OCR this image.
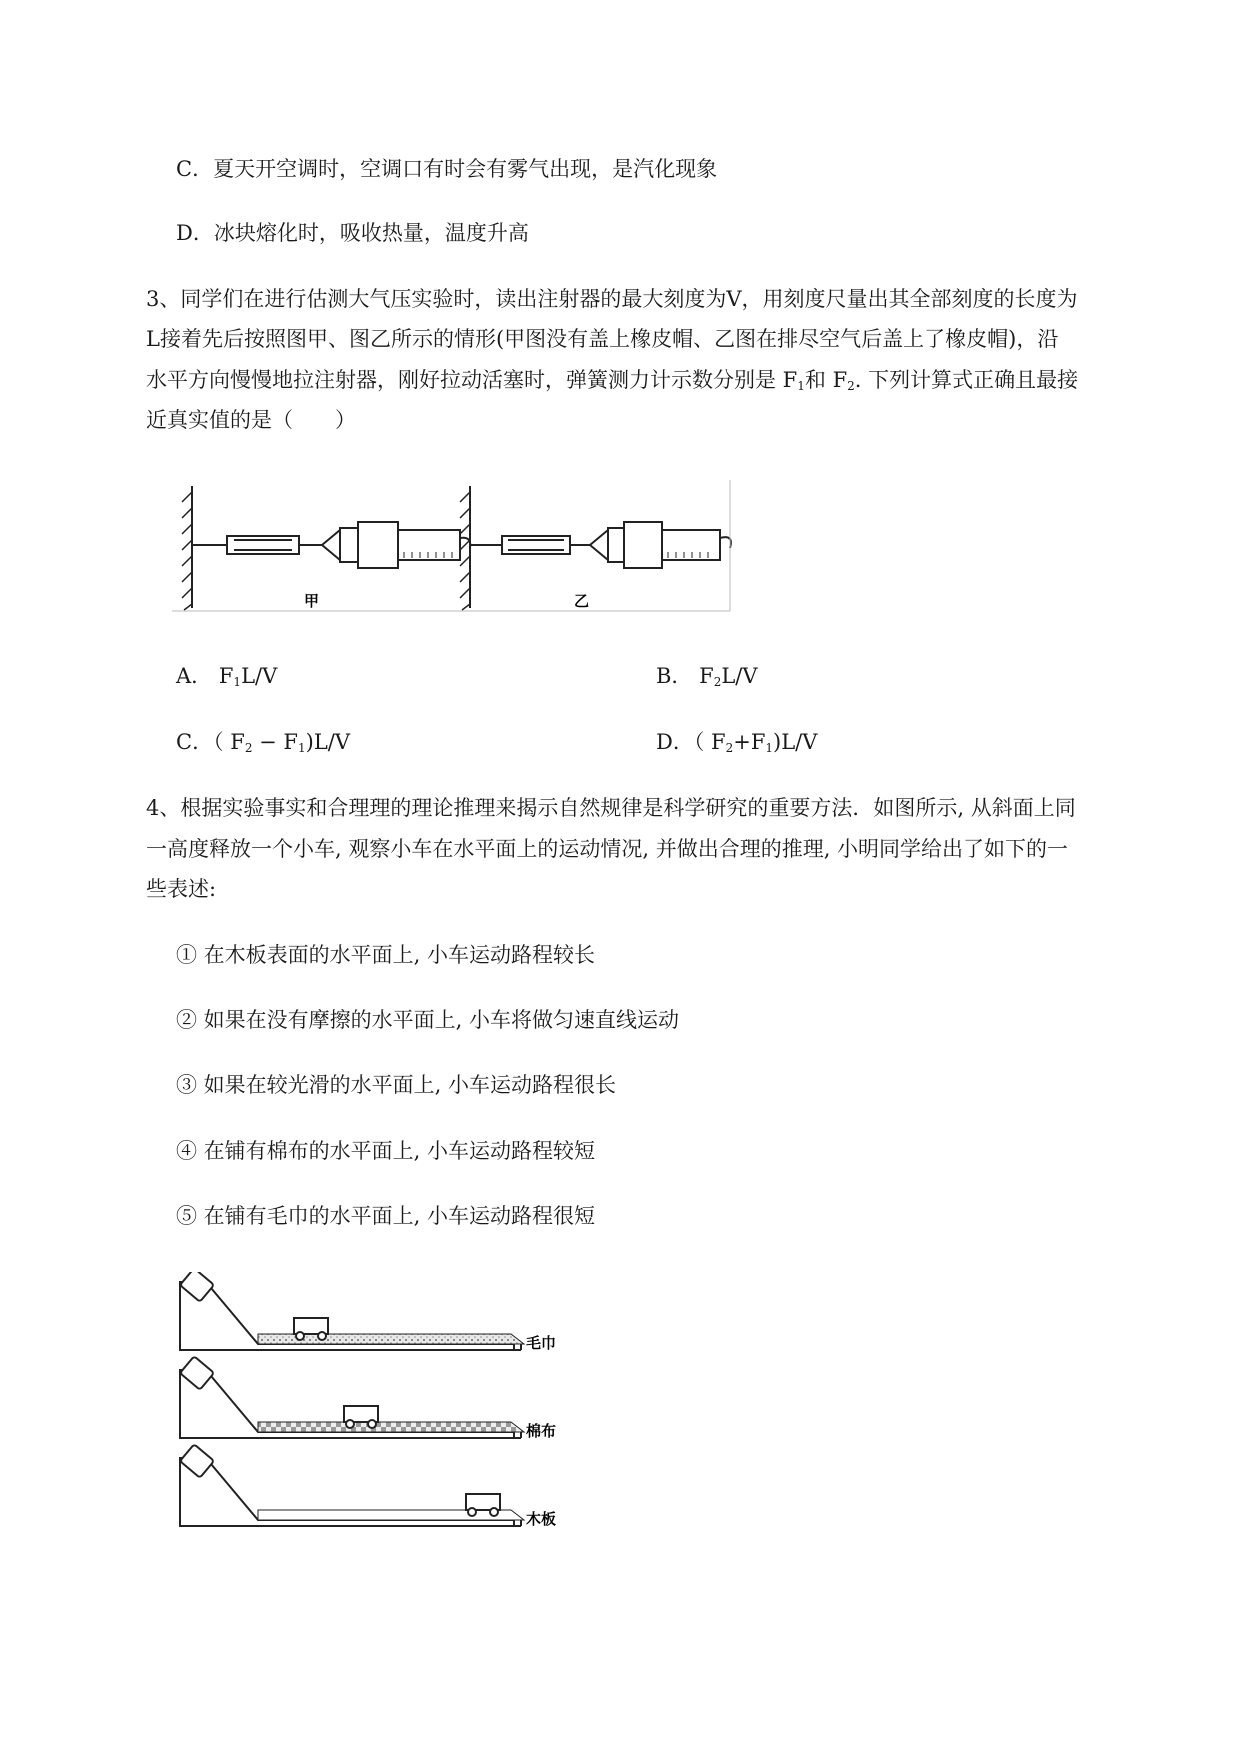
C．夏天开空调时，空调口有时会有雾气出现，是汽化现象
D．冰块熔化时，吸收热量，温度升高
3、同学们在进行估测大气压实验时，读出注射器的最大刻度为V，用刻度尺量出其全部刻度的长度为
L接着先后按照图甲、图乙所示的情形(甲图没有盖上橡皮帽、乙图在排尽空气后盖上了橡皮帽)，沿
水平方向慢慢地拉注射器，刚好拉动活塞时，弹簧测力计示数分别是 $F_1$和 $F_2$. 下列计算式正确且最接
近真实值的是（　　）
甲	乙
A． $F_1L/V$	B． $F_2L/V$
C．（ $F_2 - F_1)L/V$	D．（ $F_2+F_1)L/V$
4、根据实验事实和合理理的理论推理来揭示自然规律是科学研究的重要方法．如图所示, 从斜面上同
一高度释放一个小车, 观察小车在水平面上的运动情况, 并做出合理的推理, 小明同学给出了如下的一
些表述:
① 在木板表面的水平面上, 小车运动路程较长
② 如果在没有摩擦的水平面上, 小车将做匀速直线运动
③ 如果在较光滑的水平面上, 小车运动路程很长
④ 在铺有棉布的水平面上, 小车运动路程较短
⑤ 在铺有毛巾的水平面上, 小车运动路程很短
毛巾
棉布
木板
